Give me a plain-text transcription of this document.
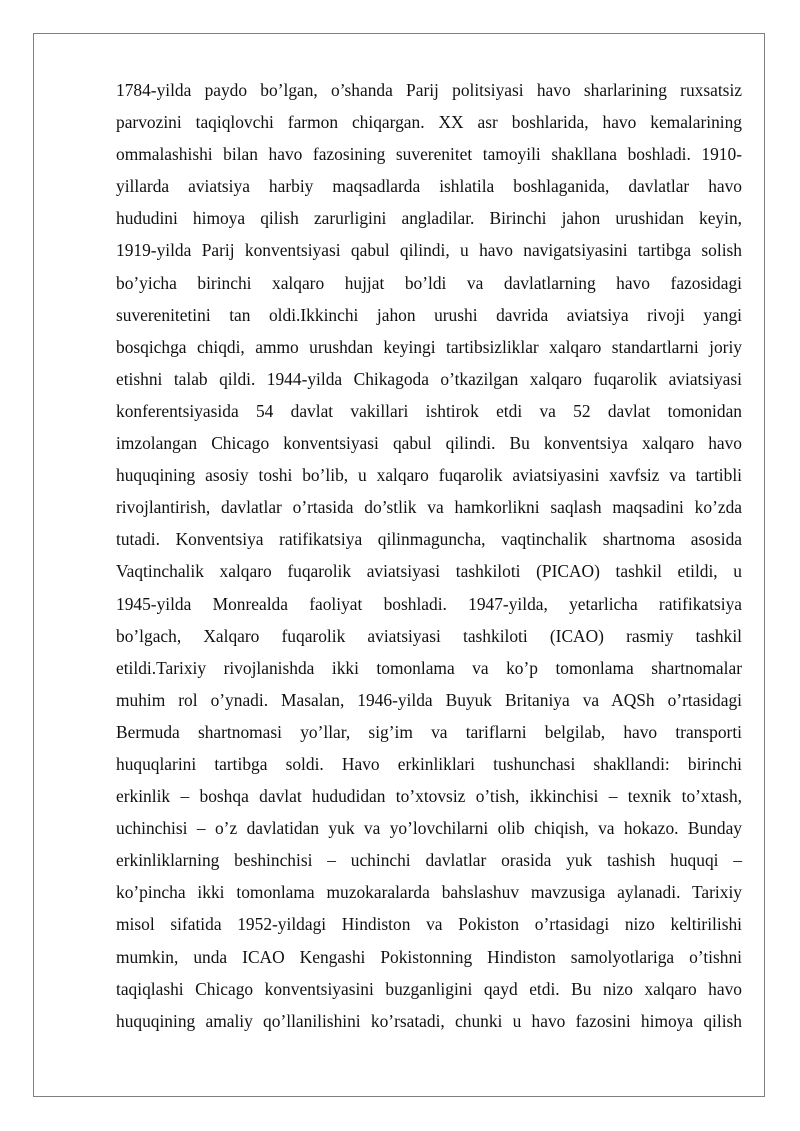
1784-yilda paydo bo’lgan, o’shanda Parij politsiyasi havo sharlarining ruxsatsiz
parvozini taqiqlovchi farmon chiqargan. XX asr boshlarida, havo kemalarining
ommalashishi bilan havo fazosining suverenitet tamoyili shakllana boshladi. 1910-
yillarda aviatsiya harbiy maqsadlarda ishlatila boshlaganida, davlatlar havo
hududini himoya qilish zarurligini angladilar. Birinchi jahon urushidan keyin,
1919-yilda Parij konventsiyasi qabul qilindi, u havo navigatsiyasini tartibga solish
bo’yicha birinchi xalqaro hujjat bo’ldi va davlatlarning havo fazosidagi
suverenitetini tan oldi.Ikkinchi jahon urushi davrida aviatsiya rivoji yangi
bosqichga chiqdi, ammo urushdan keyingi tartibsizliklar xalqaro standartlarni joriy
etishni talab qildi. 1944-yilda Chikagoda o’tkazilgan xalqaro fuqarolik aviatsiyasi
konferentsiyasida 54 davlat vakillari ishtirok etdi va 52 davlat tomonidan
imzolangan Chicago konventsiyasi qabul qilindi. Bu konventsiya xalqaro havo
huquqining asosiy toshi bo’lib, u xalqaro fuqarolik aviatsiyasini xavfsiz va tartibli
rivojlantirish, davlatlar o’rtasida do’stlik va hamkorlikni saqlash maqsadini ko’zda
tutadi. Konventsiya ratifikatsiya qilinmaguncha, vaqtinchalik shartnoma asosida
Vaqtinchalik xalqaro fuqarolik aviatsiyasi tashkiloti (PICAO) tashkil etildi, u
1945-yilda Monrealda faoliyat boshladi. 1947-yilda, yetarlicha ratifikatsiya
bo’lgach, Xalqaro fuqarolik aviatsiyasi tashkiloti (ICAO) rasmiy tashkil
etildi.Tarixiy rivojlanishda ikki tomonlama va ko’p tomonlama shartnomalar
muhim rol o’ynadi. Masalan, 1946-yilda Buyuk Britaniya va AQSh o’rtasidagi
Bermuda shartnomasi yo’llar, sig’im va tariflarni belgilab, havo transporti
huquqlarini tartibga soldi. Havo erkinliklari tushunchasi shakllandi: birinchi
erkinlik – boshqa davlat hududidan to’xtovsiz o’tish, ikkinchisi – texnik to’xtash,
uchinchisi – o’z davlatidan yuk va yo’lovchilarni olib chiqish, va hokazo. Bunday
erkinliklarning beshinchisi – uchinchi davlatlar orasida yuk tashish huquqi –
ko’pincha ikki tomonlama muzokaralarda bahslashuv mavzusiga aylanadi. Tarixiy
misol sifatida 1952-yildagi Hindiston va Pokiston o’rtasidagi nizo keltirilishi
mumkin, unda ICAO Kengashi Pokistonning Hindiston samolyotlariga o’tishni
taqiqlashi Chicago konventsiyasini buzganligini qayd etdi. Bu nizo xalqaro havo
huquqining amaliy qo’llanilishini ko’rsatadi, chunki u havo fazosini himoya qilish
